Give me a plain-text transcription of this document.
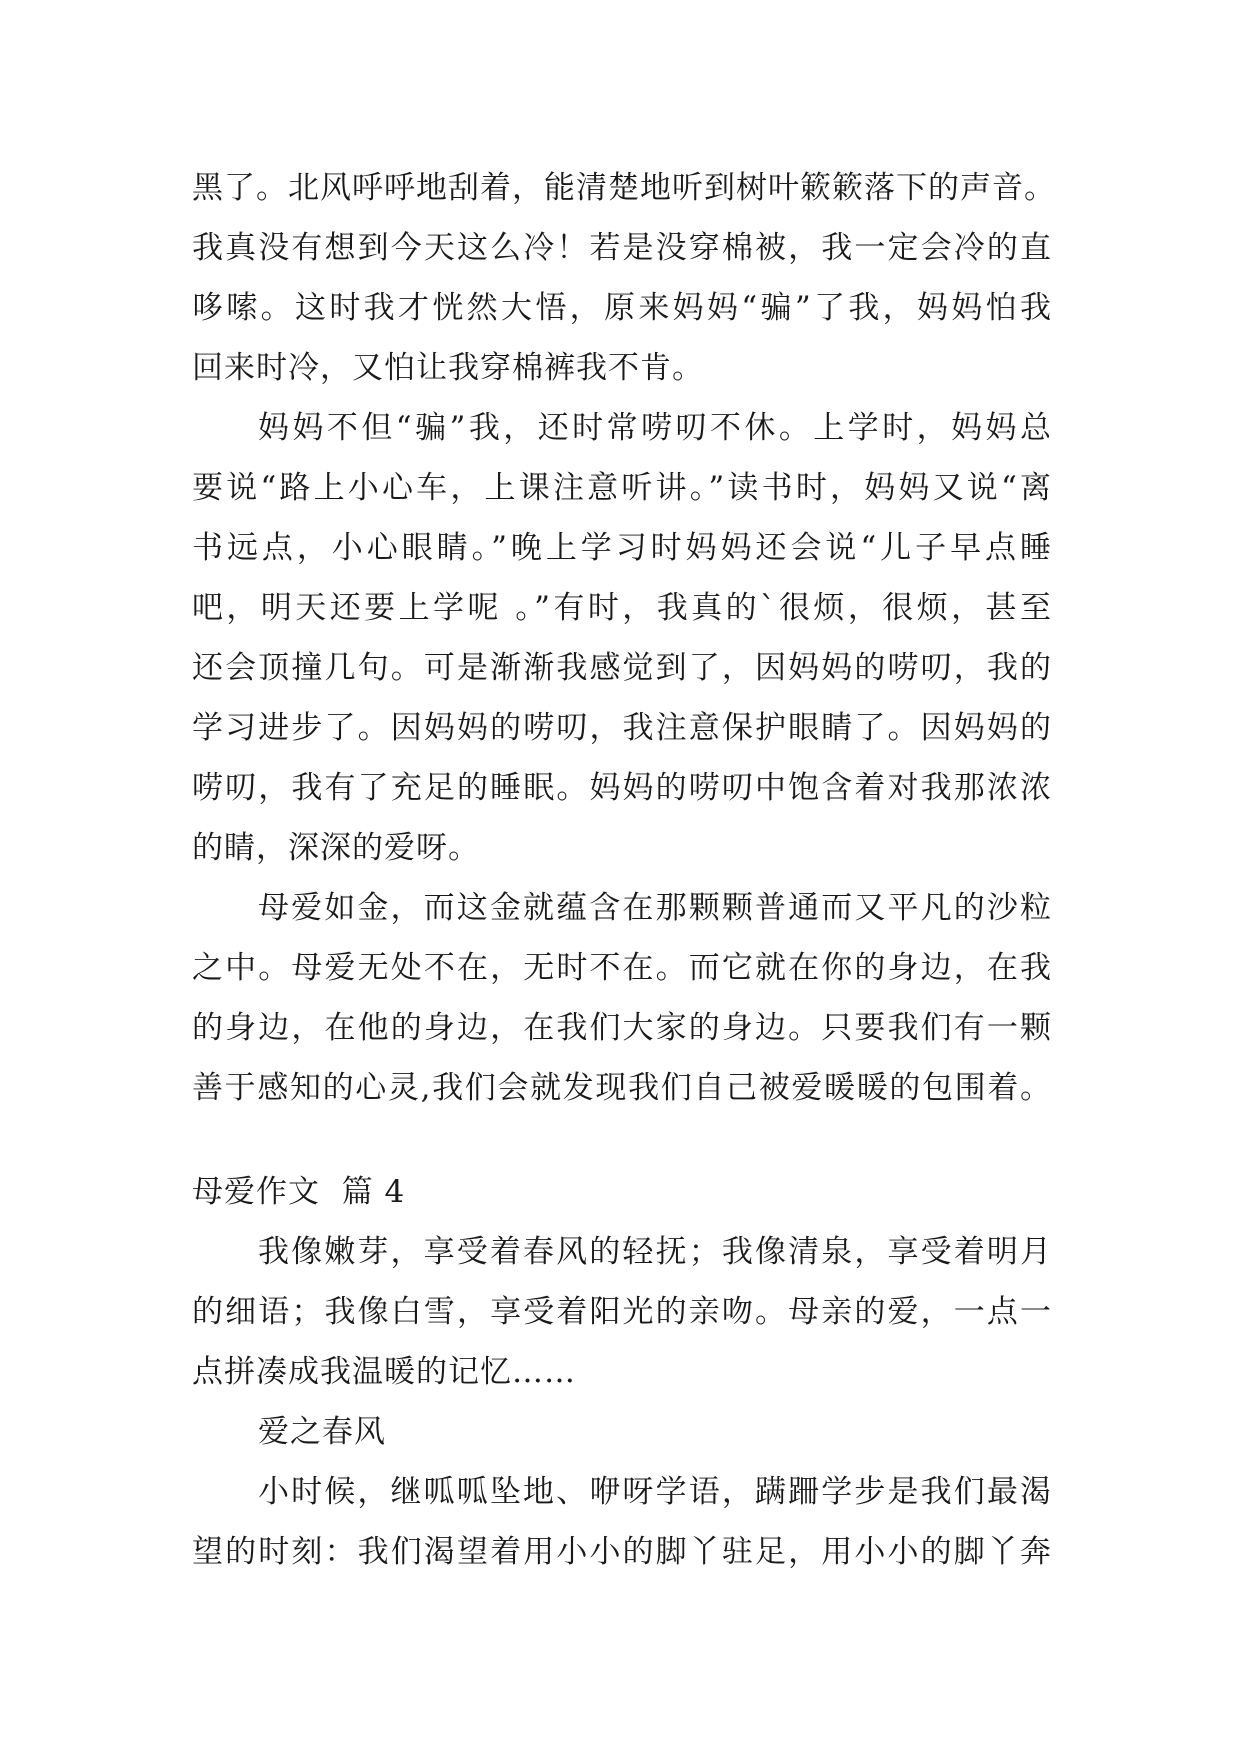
黑了。北风呼呼地刮着，能清楚地听到树叶簌簌落下的声音。
我真没有想到今天这么冷！若是没穿棉被，我一定会冷的直
哆嗦。这时我才恍然大悟，原来妈妈“骗”了我，妈妈怕我
回来时冷，又怕让我穿棉裤我不肯。
妈妈不但“骗”我，还时常唠叨不休。上学时，妈妈总
要说“路上小心车，上课注意听讲。”读书时，妈妈又说“离
书远点，小心眼睛。”晚上学习时妈妈还会说“儿子早点睡
吧，明天还要上学呢 。”有时，我真的`很烦，很烦，甚至
还会顶撞几句。可是渐渐我感觉到了，因妈妈的唠叨，我的
学习进步了。因妈妈的唠叨，我注意保护眼睛了。因妈妈的
唠叨，我有了充足的睡眠。妈妈的唠叨中饱含着对我那浓浓
的睛，深深的爱呀。
母爱如金，而这金就蕴含在那颗颗普通而又平凡的沙粒
之中。母爱无处不在，无时不在。而它就在你的身边，在我
的身边，在他的身边，在我们大家的身边。只要我们有一颗
善于感知的心灵,我们会就发现我们自己被爱暖暖的包围着。
母爱作文  篇 4
我像嫩芽，享受着春风的轻抚；我像清泉，享受着明月
的细语；我像白雪，享受着阳光的亲吻。母亲的爱，一点一
点拼凑成我温暖的记忆……
爱之春风
小时候，继呱呱坠地、咿呀学语，蹒跚学步是我们最渴
望的时刻：我们渴望着用小小的脚丫驻足，用小小的脚丫奔
